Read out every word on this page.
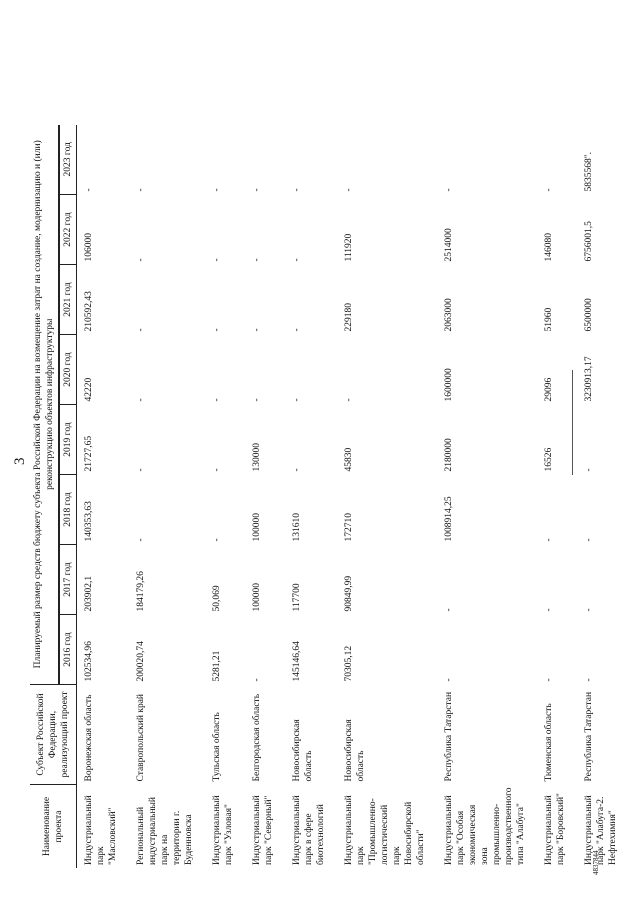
3
Наименование проекта	Субъект Российской Федерации, реализующий проект	Планируемый размер средств бюджету субъекта Российской Федерации на возмещение затрат на создание, модернизацию и (или) реконструкцию объектов инфраструктуры							

		2016 год	2017 год	2018 год	2019 год	2020 год	2021 год	2022 год	2023 год
Индустриальный парк "Масловский"	Воронежская область	102534,96	203902,1	140353,63	21727,65	42220	210592,43	106000	-
Региональный индустриальный парк на территории г. Буденновска	Ставропольский край	200020,74	184179,26	-	-	-	-	-	-
Индустриальный парк "Узловая"	Тульская область	5281,21	50,069	-	-	-	-	-	-
Индустриальный парк "Северный"	Белгородская область	-	100000	100000	130000	-	-	-	-
Индустриальный парк в сфере биотехнологий	Новосибирская область	145146,64	117700	131610	-	-	-	-	-
Индустриальный парк "Промышленно-логистический парк Новосибирской области"	Новосибирская область	70305,12	90849,99	172710	45830	-	229180	111920	-
Индустриальный парк "Особая экономическая зона промышленно-производственного типа "Алабуга"	Республика Татарстан	-	-	1008914,25	2180000	1600000	2063000	2514000	-
Индустриальный парк "Боровский"	Тюменская область	-	-	-	16526	29096	51960	146080	-
Индустриальный парк "Алабуга-2. Нефтехимия"	Республика Татарстан	-	-	-	-	3230913,17	6500000	6756001,5	5835568".
4837844
